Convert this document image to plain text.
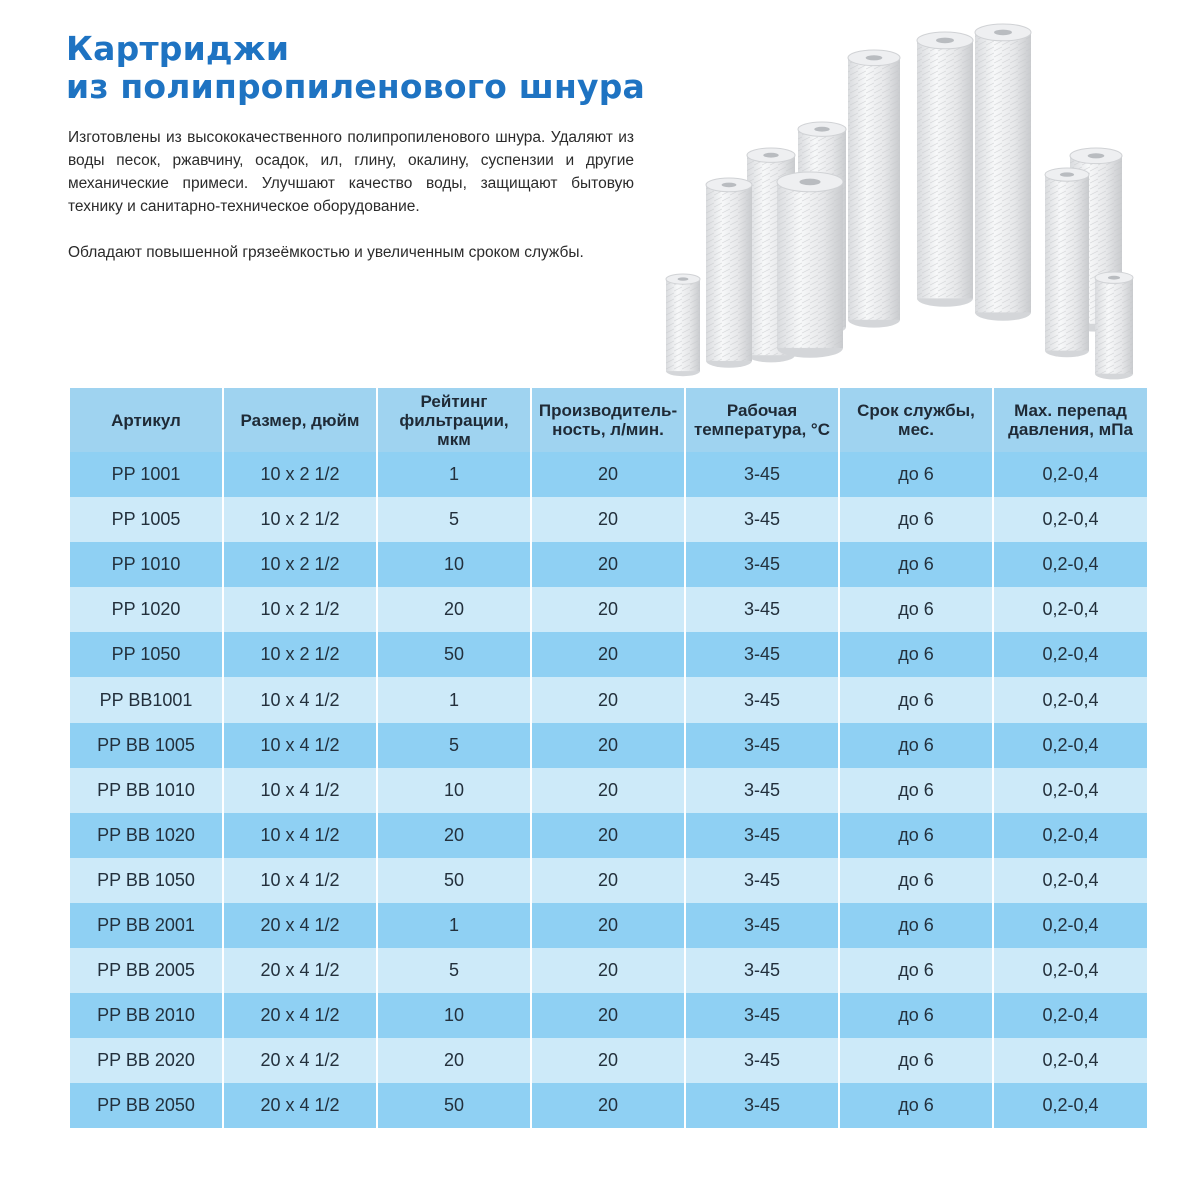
Картриджи
из полипропиленового шнура

Изготовлены из высококачественного полипропиленового шнура. Удаляют из воды песок, ржавчину, осадок, ил, глину, окалину, суспензии и другие механические примеси. Улучшают качество воды, защищают бытовую технику и санитарно-техническое оборудование.

Обладают повышенной грязеёмкостью и увеличенным сроком службы.

Артикул	Размер, дюйм	Рейтинг фильтрации, мкм	Производитель-ность, л/мин.	Рабочая температура, °С	Срок службы, мес.	Мах. перепад давления, мПа
PP 1001	10 x 2 1/2	1	20	3-45	до 6	0,2-0,4
PP 1005	10 x 2 1/2	5	20	3-45	до 6	0,2-0,4
PP 1010	10 x 2 1/2	10	20	3-45	до 6	0,2-0,4
PP 1020	10 x 2 1/2	20	20	3-45	до 6	0,2-0,4
PP 1050	10 x 2 1/2	50	20	3-45	до 6	0,2-0,4
PP BB1001	10 x 4 1/2	1	20	3-45	до 6	0,2-0,4
PP BB 1005	10 x 4 1/2	5	20	3-45	до 6	0,2-0,4
PP BB 1010	10 x 4 1/2	10	20	3-45	до 6	0,2-0,4
PP BB 1020	10 x 4 1/2	20	20	3-45	до 6	0,2-0,4
PP BB 1050	10 x 4 1/2	50	20	3-45	до 6	0,2-0,4
PP BB 2001	20 x 4 1/2	1	20	3-45	до 6	0,2-0,4
PP BB 2005	20 x 4 1/2	5	20	3-45	до 6	0,2-0,4
PP BB 2010	20 x 4 1/2	10	20	3-45	до 6	0,2-0,4
PP BB 2020	20 x 4 1/2	20	20	3-45	до 6	0,2-0,4
PP BB 2050	20 x 4 1/2	50	20	3-45	до 6	0,2-0,4
